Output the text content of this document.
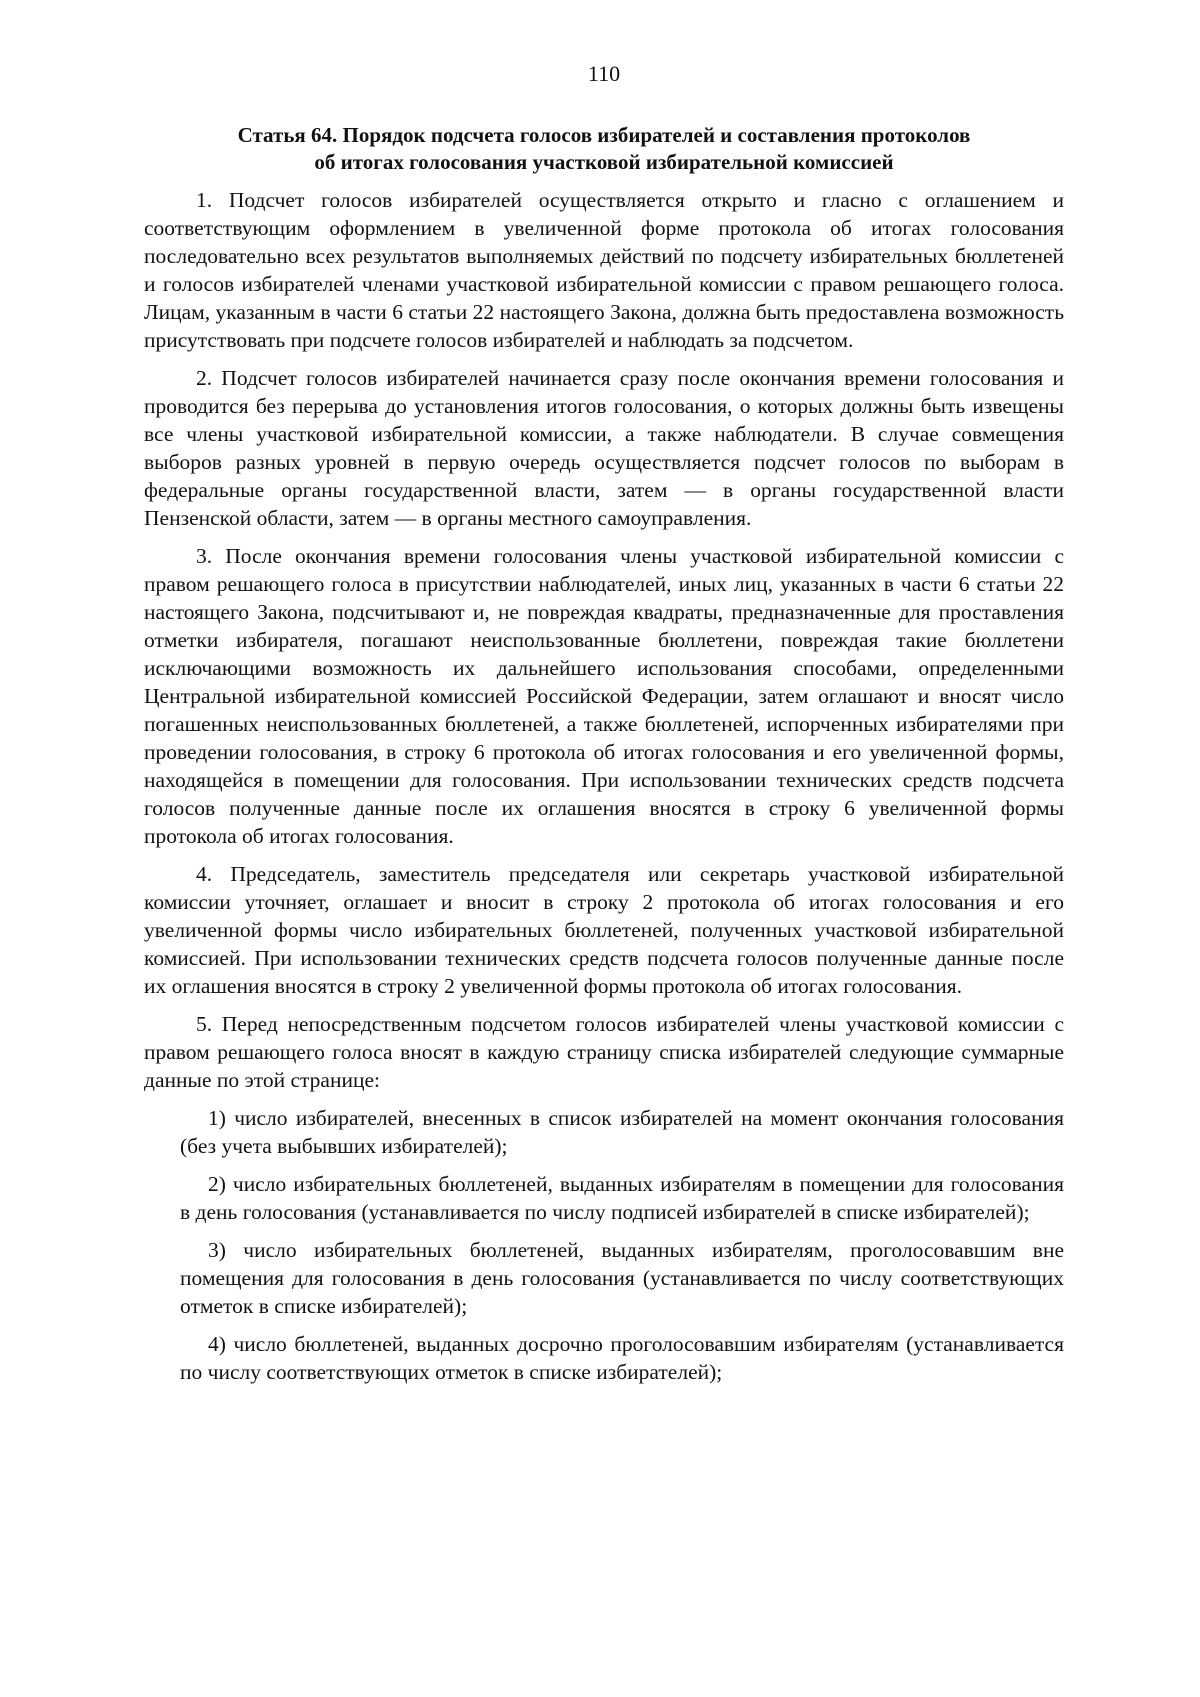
110
Статья 64. Порядок подсчета голосов избирателей и составления протоколов
об итогах голосования участковой избирательной комиссией

1. Подсчет голосов избирателей осуществляется открыто и гласно с оглашением и соответствующим оформлением в увеличенной форме протокола об итогах голосования последовательно всех результатов выполняемых действий по подсчету избирательных бюллетеней и голосов избирателей членами участковой избирательной комиссии с правом решающего голоса. Лицам, указанным в части 6 статьи 22 настоящего Закона, должна быть предоставлена возможность присутствовать при подсчете голосов избирателей и наблюдать за подсчетом.

2. Подсчет голосов избирателей начинается сразу после окончания времени голосования и проводится без перерыва до установления итогов голосования, о которых должны быть извещены все члены участковой избирательной комиссии, а также наблюдатели. В случае совмещения выборов разных уровней в первую очередь осуществляется подсчет голосов по выборам в федеральные органы государственной власти, затем — в органы государственной власти Пензенской области, затем — в органы местного самоуправления.

3. После окончания времени голосования члены участковой избирательной комиссии с правом решающего голоса в присутствии наблюдателей, иных лиц, указанных в части 6 статьи 22 настоящего Закона, подсчитывают и, не повреждая квадраты, предназначенные для проставления отметки избирателя, погашают неиспользованные бюллетени, повреждая такие бюллетени исключающими возможность их дальнейшего использования способами, определенными Центральной избирательной комиссией Российской Федерации, затем оглашают и вносят число погашенных неиспользованных бюллетеней, а также бюллетеней, испорченных избирателями при проведении голосования, в строку 6 протокола об итогах голосования и его увеличенной формы, находящейся в помещении для голосования. При использовании технических средств подсчета голосов полученные данные после их оглашения вносятся в строку 6 увеличенной формы протокола об итогах голосования.

4. Председатель, заместитель председателя или секретарь участковой избирательной комиссии уточняет, оглашает и вносит в строку 2 протокола об итогах голосования и его увеличенной формы число избирательных бюллетеней, полученных участковой избирательной комиссией. При использовании технических средств подсчета голосов полученные данные после их оглашения вносятся в строку 2 увеличенной формы протокола об итогах голосования.

5. Перед непосредственным подсчетом голосов избирателей члены участковой комиссии с правом решающего голоса вносят в каждую страницу списка избирателей следующие суммарные данные по этой странице:

1) число избирателей, внесенных в список избирателей на момент окончания голосования (без учета выбывших избирателей);

2) число избирательных бюллетеней, выданных избирателям в помещении для голосования в день голосования (устанавливается по числу подписей избирателей в списке избирателей);

3) число избирательных бюллетеней, выданных избирателям, проголосовавшим вне помещения для голосования в день голосования (устанавливается по числу соответствующих отметок в списке избирателей);

4) число бюллетеней, выданных досрочно проголосовавшим избирателям (устанавливается по числу соответствующих отметок в списке избирателей);
